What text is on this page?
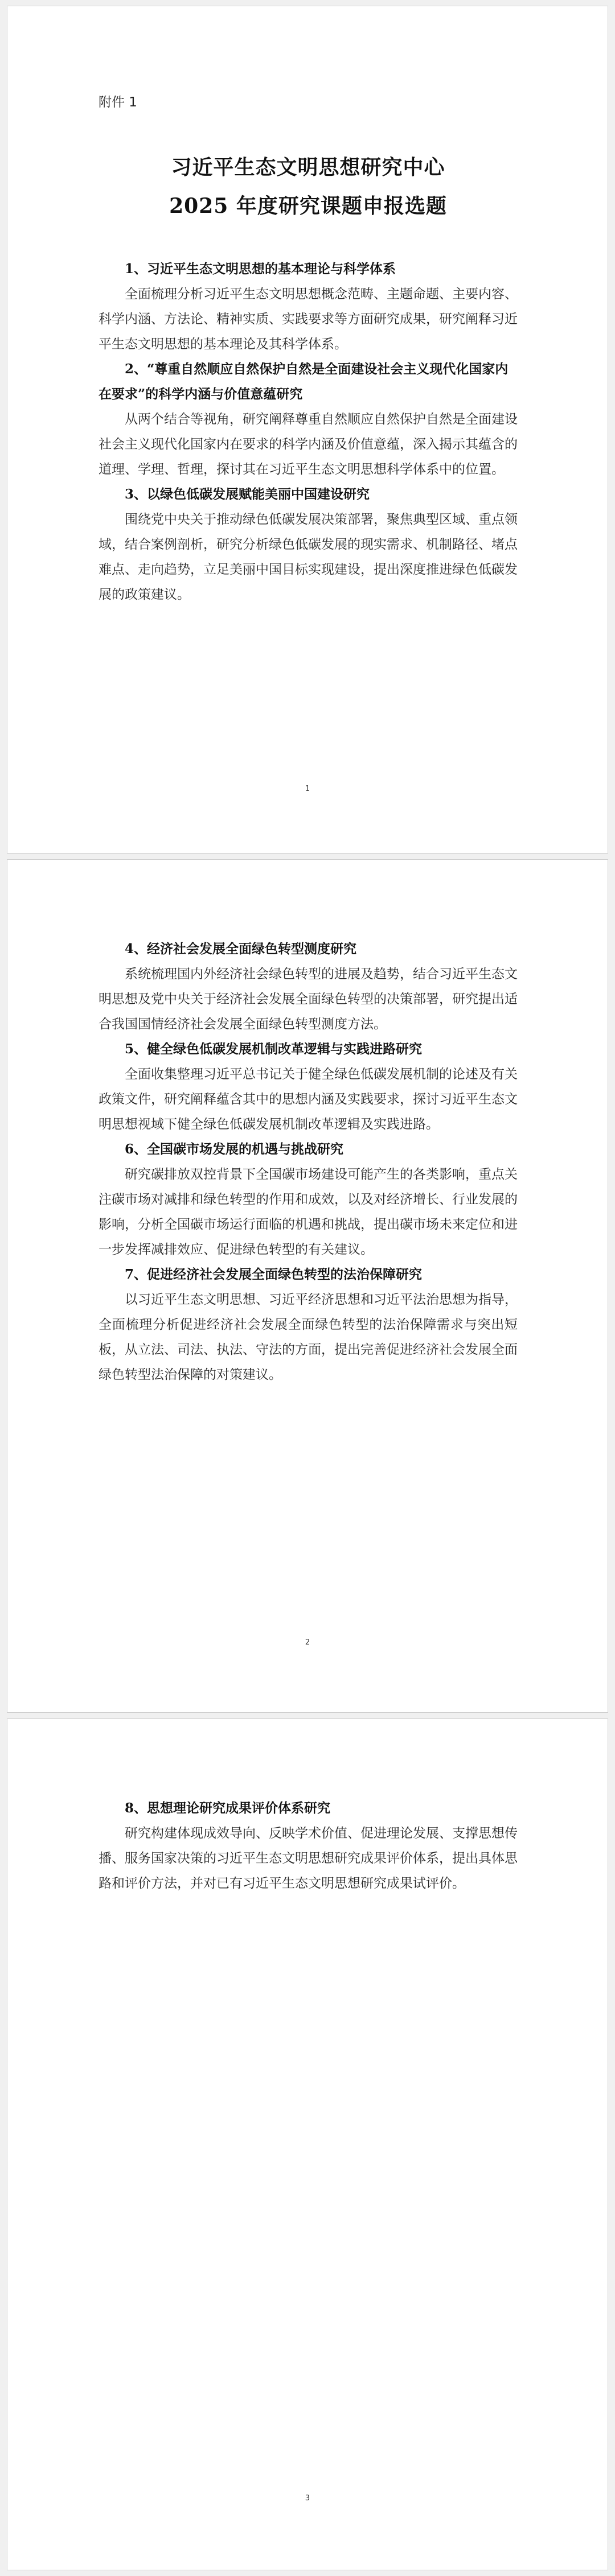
附件 1
习近平生态文明思想研究中心
2025 年度研究课题申报选题

1、习近平生态文明思想的基本理论与科学体系

全面梳理分析习近平生态文明思想概念范畴、主题命题、主要内容、科学内涵、方法论、精神实质、实践要求等方面研究成果，研究阐释习近平生态文明思想的基本理论及其科学体系。

2、“尊重自然顺应自然保护自然是全面建设社会主义现代化国家内在要求”的科学内涵与价值意蕴研究

从两个结合等视角，研究阐释尊重自然顺应自然保护自然是全面建设社会主义现代化国家内在要求的科学内涵及价值意蕴，深入揭示其蕴含的道理、学理、哲理，探讨其在习近平生态文明思想科学体系中的位置。

3、以绿色低碳发展赋能美丽中国建设研究

围绕党中央关于推动绿色低碳发展决策部署，聚焦典型区域、重点领域，结合案例剖析，研究分析绿色低碳发展的现实需求、机制路径、堵点难点、走向趋势，立足美丽中国目标实现建设，提出深度推进绿色低碳发展的政策建议。

1

4、经济社会发展全面绿色转型测度研究

系统梳理国内外经济社会绿色转型的进展及趋势，结合习近平生态文明思想及党中央关于经济社会发展全面绿色转型的决策部署，研究提出适合我国国情经济社会发展全面绿色转型测度方法。

5、健全绿色低碳发展机制改革逻辑与实践进路研究

全面收集整理习近平总书记关于健全绿色低碳发展机制的论述及有关政策文件，研究阐释蕴含其中的思想内涵及实践要求，探讨习近平生态文明思想视域下健全绿色低碳发展机制改革逻辑及实践进路。

6、全国碳市场发展的机遇与挑战研究

研究碳排放双控背景下全国碳市场建设可能产生的各类影响，重点关注碳市场对减排和绿色转型的作用和成效，以及对经济增长、行业发展的影响，分析全国碳市场运行面临的机遇和挑战，提出碳市场未来定位和进一步发挥减排效应、促进绿色转型的有关建议。

7、促进经济社会发展全面绿色转型的法治保障研究

以习近平生态文明思想、习近平经济思想和习近平法治思想为指导，全面梳理分析促进经济社会发展全面绿色转型的法治保障需求与突出短板，从立法、司法、执法、守法的方面，提出完善促进经济社会发展全面绿色转型法治保障的对策建议。

2

8、思想理论研究成果评价体系研究

研究构建体现成效导向、反映学术价值、促进理论发展、支撑思想传播、服务国家决策的习近平生态文明思想研究成果评价体系，提出具体思路和评价方法，并对已有习近平生态文明思想研究成果试评价。

3
